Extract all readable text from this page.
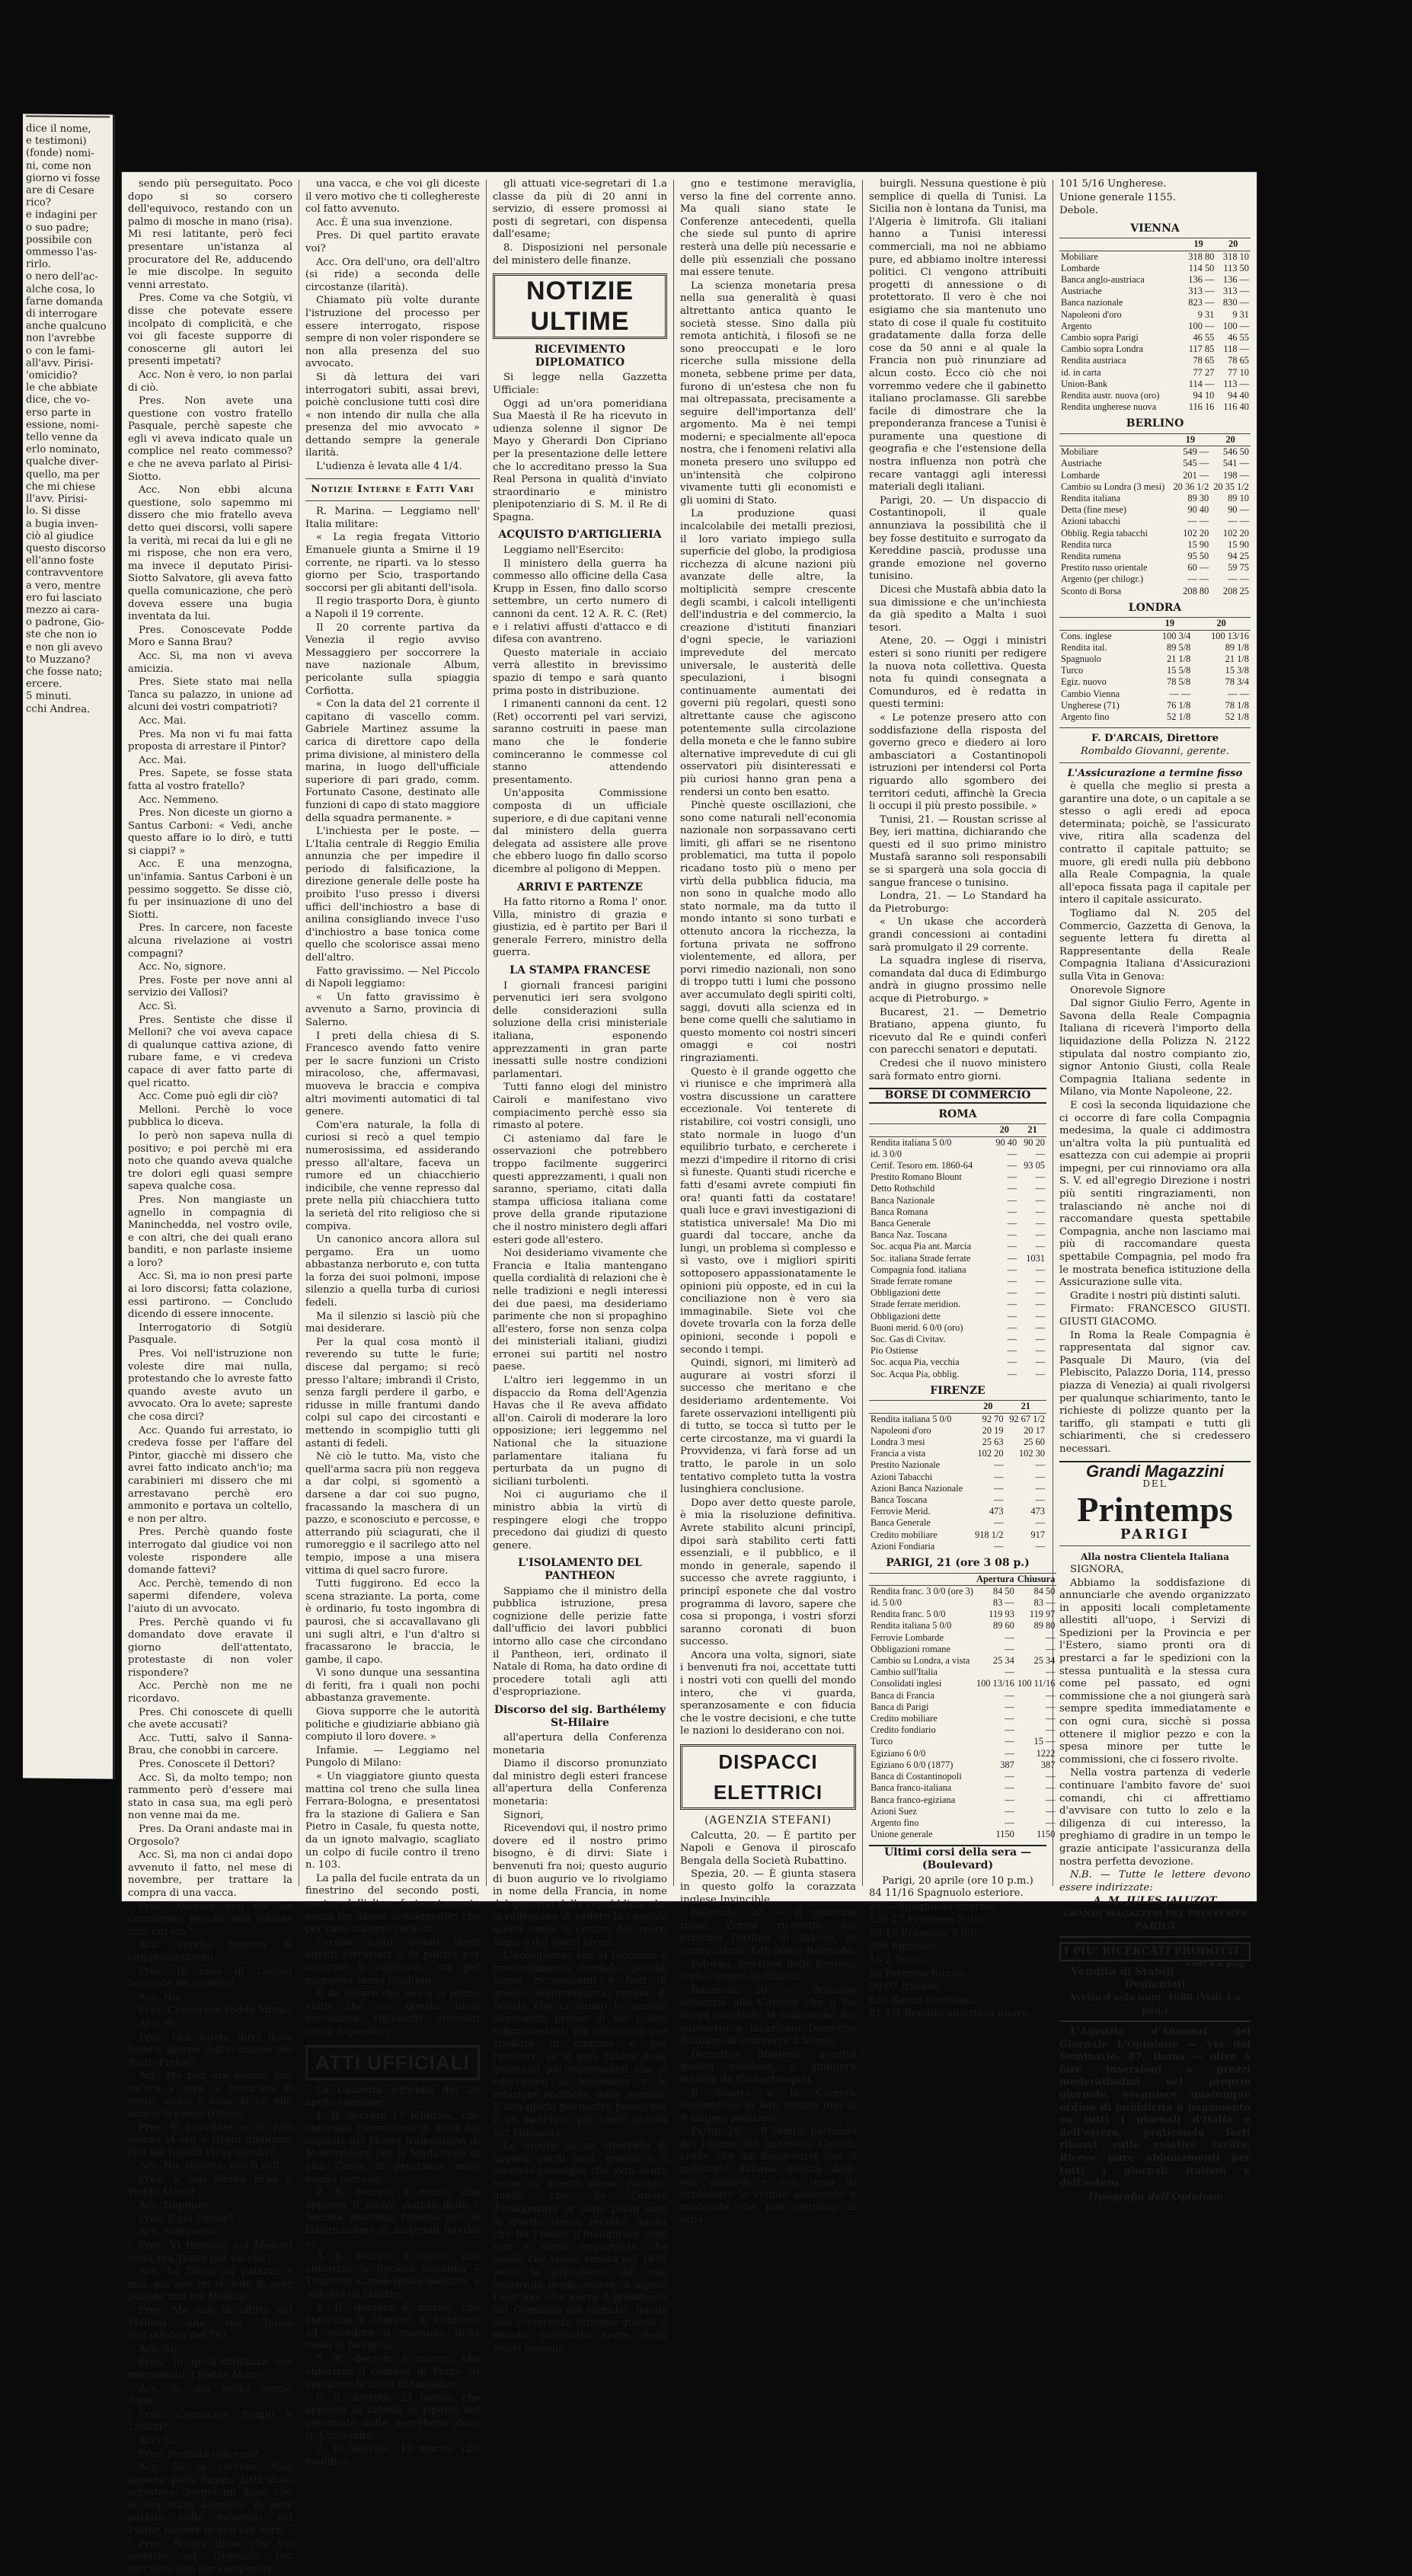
dice il nome,

e testimoni)

(fonde) nomi-

ni, come non

giorno vi fosse

are di Cesare

rico?

e indagini per

o suo padre;

possibile con

ommesso l'as-

rirlo.

o nero dell'ac-

alche cosa, lo

farne domanda

di interrogare

anche qualcuno

non l'avrebbe

o con le fami-

all'avv. Pirisi-

'omicidio?

le che abbiate

dice, che vo-

erso parte in

essione, nomi-

tello venne da

erlo nominato,

qualche diver-

quello, ma per

che mi chiese

ll'avv. Pirisi-

lo. Si disse

a bugia inven-

ciò al giudice

questo discorso

ell'anno foste

contravventore

a vero, mentre

ero fui lasciato

mezzo ai cara-

o padrone, Gio-

ste che non io

e non gli avevo

to Muzzano?

che fosse nato;

ercere.

5 minuti.

cchi Andrea.

sendo più perseguitato. Poco dopo si so corsero dell'equivoco, restando con un palmo di mosche in mano (risa). Mi resi latitante, però feci presentare un'istanza al procuratore del Re, adducendo le mie discolpe. In seguito venni arrestato.

Pres. Come va che Sotgiù, vi disse che potevate essere incolpato di complicità, e che voi gli faceste supporre di conoscerne gli autori lei presenti impetati?

Acc. Non è vero, io non parlai di ciò.

Pres. Non avete una questione con vostro fratello Pasquale, perchè sapeste che egli vi aveva indicato quale un complice nel reato commesso? e che ne aveva parlato al Pirisi-Siotto.

Acc. Non ebbi alcuna questione, solo sapemmo mi dissero che mio fratello aveva detto quei discorsi, volli sapere la verità, mi recai da lui e gli ne mi rispose, che non era vero, ma invece il deputato Pirisi-Siotto Salvatore, gli aveva fatto quella comunicazione, che però doveva essere una bugia inventata da lui.

Pres. Conoscevate Podde Moro e Sanna Brau?

Acc. Sì, ma non vi aveva amicizia.

Pres. Siete stato mai nella Tanca su palazzo, in unione ad alcuni dei vostri compatrioti?

Acc. Mai.

Pres. Ma non vi fu mai fatta proposta di arrestare il Pintor?

Acc. Mai.

Pres. Sapete, se fosse stata fatta al vostro fratello?

Acc. Nemmeno.

Pres. Non diceste un giorno a Santus Carboni: « Vedi, anche questo affare io lo dirò, e tutti si ciappi? »

Acc. E una menzogna, un'infamia. Santus Carboni è un pessimo soggetto. Se disse ciò, fu per insinuazione di uno del Siotti.

Pres. In carcere, non faceste alcuna rivelazione ai vostri compagni?

Acc. No, signore.

Pres. Foste per nove anni al servizio dei Vallosi?

Acc. Sì.

Pres. Sentiste che disse il Melloni? che voi aveva capace di qualunque cattiva azione, di rubare fame, e vi credeva capace di aver fatto parte di quel ricatto.

Acc. Come può egli dir ciò?

Melloni. Perchè lo voce pubblica lo diceva.

Io però non sapeva nulla di positivo; e poi perchè mi era noto che quando aveva qualche tre dolori egli quasi sempre sapeva qualche cosa.

Pres. Non mangiaste un agnello in compagnia di Maninchedda, nel vostro ovile, e con altri, che dei quali erano banditi, e non parlaste insieme a loro?

Acc. Sì, ma io non presi parte ai loro discorsi; fatta colazione, essi partirono. — Concludo dicendo di essere innocente.

Interrogatorio di Sotgiù Pasquale.

Pres. Voi nell'istruzione non voleste dire mai nulla, protestando che lo avreste fatto quando aveste avuto un avvocato. Ora lo avete; sapreste che cosa dirci?

Acc. Quando fui arrestato, io credeva fosse per l'affare del Pintor, giacchè mi dissero che avrei fatto indicato anch'io; ma carabinieri mi dissero che mi arrestavano perchè ero ammonito e portava un coltello, e non per altro.

Pres. Perchè quando foste interrogato dal giudice voi non voleste rispondere alle domande fattevi?

Acc. Perchè, temendo di non sapermi difendere, voleva l'aiuto di un avvocato.

Pres. Perchè quando vi fu domandato dove eravate il giorno dell'attentato, protestaste di non voler rispondere?

Acc. Perchè non me ne ricordavo.

Pres. Chi conoscete di quelli che avete accusati?

Acc. Tutti, salvo il Sanna-Brau, che conobbi in carcere.

Pres. Conoscete il Dettori?

Acc. Sì, da molto tempo; non rammento però d'essere mai stato in casa sua, ma egli però non venne mai da me.

Pres. Da Orani andaste mai in Orgosolo?

Acc. Sì, ma non ci andai dopo avvenuto il fatto, nel mese di novembre, per trattare la compra di una vacca.

Pres. Avevate con voi un compagno; perchè non voleste dire chi era?

Acc. Perchè temevo di compromettermi.

Pres. In casa di Cadoni lasciaste un coltello?

Acc. No.

Pres. Conoscete Podde Moro?

Acc. Sì.

Pres. Ora volete dirci dove foste il giorno dell'uccisione del Siotti-Pintor?

Acc. Ma non era venuto che un'ora a sera, a mezz'ora di notte, andai a casa di un mio amico in paese (Orani).

Pres. Vi ricordate se in quel giorno vi era a Orani qualcuno che dei fratelli Piras Secchi?

Acc. No, signore, non li vidi.

Pres. E con Sanna Brau e Podde Moro?

Acc. Neppure.

Pres. E coi Pintor?

Acc. Nemmeno.

Pres. Vi trovaste col Melloni nella sua Tanca per vacche?

Acc. La Tanca su palazzo è mia, ma non mi ricordo di aver parlato mai col Melloni.

Pres. Ma non in affitto del Melloni una sua Tanca nell'ottobre del 76?

Acc. Sì.

Pres. In quell'affittanza era interessato il Podde Moro?

Acc. Sì, ma molto tempo dopo.

Pres. Conoscete Sotgiù e Luconi?

Acc. Sì.

Pres. Parlaste con essi?

Acc. Sì, in carcere. Non appena però furono fatti stato arrestate. Sotgiù mi disse che lo era stato accusato di aver parlato colle relazioni del Pintor, mentre io non era vero.

Pres. Sotgiù disse che voi andaste ad Orgosolo per tutt'altro che per comperare

una vacca, e che voi gli diceste il vero motivo che ti colleghereste col fatto avvenuto.

Acc. È una sua invenzione.

Pres. Di quel partito eravate voi?

Acc. Ora dell'uno, ora dell'altro (si ride) a seconda delle circostanze (ilarità).

Chiamato più volte durante l'istruzione del processo per essere interrogato, rispose sempre di non voler rispondere se non alla presenza del suo avvocato.

Si dà lettura dei vari interrogatori subiti, assai brevi, poichè conclusione tutti così dire « non intendo dir nulla che alla presenza del mio avvocato » dettando sempre la generale ilarità.

L'udienza è levata alle 4 1/4.

Notizie Interne e Fatti Vari

R. Marina. — Leggiamo nell' Italia militare:

« La regia fregata Vittorio Emanuele giunta a Smirne il 19 corrente, ne riparti. va lo stesso giorno per Scio, trasportando soccorsi per gli abitanti dell'isola.

Il regio trasporto Dora, è giunto a Napoli il 19 corrente.

Il 20 corrente partiva da Venezia il regio avviso Messaggiero per soccorrere la nave nazionale Album, pericolante sulla spiaggia Corfiotta.

« Con la data del 21 corrente il capitano di vascello comm. Gabriele Martinez assume la carica di direttore capo della prima divisione, al ministero della marina, in luogo dell'ufficiale superiore di pari grado, comm. Fortunato Casone, destinato alle funzioni di capo di stato maggiore della squadra permanente. »

L'inchiesta per le poste. — L'Italia centrale di Reggio Emilia annunzia che per impedire il periodo di falsificazione, la direzione generale delle poste ha proibito l'uso presso i diversi uffici dell'inchiostro a base di anilina consigliando invece l'uso d'inchiostro a base tonica come quello che scolorisce assai meno dell'altro.

Fatto gravissimo. — Nel Piccolo di Napoli leggiamo:

« Un fatto gravissimo è avvenuto a Sarno, provincia di Salerno.

I preti della chiesa di S. Francesco avendo fatto venire per le sacre funzioni un Cristo miracoloso, che, affermavasi, muoveva le braccia e compiva altri movimenti automatici di tal genere.

Com'era naturale, la folla di curiosi si recò a quel tempio numerosissima, ed assiderando presso all'altare, faceva un rumore ed un chiacchierio indicibile, che venne represso dal prete nella più chiacchiera tutto la serietà del rito religioso che si compiva.

Un canonico ancora allora sul pergamo. Era un uomo abbastanza nerboruto e, con tutta la forza dei suoi polmoni, impose silenzio a quella turba di curiosi fedeli.

Ma il silenzio si lasciò più che mai desiderare.

Per la qual cosa montò il reverendo su tutte le furie; discese dal pergamo; si recò presso l'altare; imbrandì il Cristo, senza fargli perdere il garbo, e ridusse in mille frantumi dando colpi sul capo dei circostanti e mettendo in scompiglio tutti gli astanti di fedeli.

Nè ciò le tutto. Ma, visto che quell'arma sacra più non reggeva a dar colpi, si sgomentò a darsene a dar coi suo pugno, fracassando la maschera di un pazzo, e sconosciuto e percosse, e atterrando più sciagurati, che il rumoreggio e il sacrilego atto nel tempio, impose a una misera vittima di quel sacro furore.

Tutti fuggirono. Ed ecco la scena straziante. La porta, come è ordinario, fu tosto ingombra di paurosi, che si accavallavano gli uni sugli altri, e l'un d'altro si fracassarono le braccia, le gambe, il capo.

Vi sono dunque una sessantina di feriti, fra i quali non pochi abbastanza gravemente.

Giova supporre che le autorità politiche e giudiziarie abbiano già compiuto il loro dovere. »

Infamie. — Leggiamo nel Pungolo di Milano:

« Un viaggiatore giunto questa mattina col treno che sulla linea Ferrara-Bologna, e presentatosi fra la stazione di Galiera e San Pietro in Casale, fu questa notte, da un ignoto malvagio, scagliato un colpo di fucile contro il treno n. 103.

La palla del fucile entrata da un finestrino del secondo posti, contro dall'altro, fortunatamente senza far danno ai viaggiatori che per caso stavano coricati.

Furono tosto inviati degli agenti ferroviari e di polizia per scoprire il colpevole, ma pel momento senza risultato.

È da notare che non è la prima volta che su questa linea succedono vigliacchi attentati simili a questo. »

ATTI UFFICIALI

La Gazzetta Ufficiale del 20 aprile contiene:

1. R. decreto 17 febbraio, che autorizza l'inversione di metà del capitale del Monte frumentario di Montevidavu per la fondazione di una Cassa di prestanze nello stesso comune;

2. R. decreto 3 marzo, che approva il nuovo statuto della « Società anonima romana per la fabbricazione di materiali laterizi »;

3. R. decreto 3 marzo, che autorizza la Società anonima « Tramway Cuneo-Busca-Saluzzo, » sedente in Saluzzo;

4. R. decreto 6 marzo, che autorizza il comune di Cantiano ad eccedere il massimo della tassa di famiglia;

5. R. decreto 6 marzo, che autorizza il comune di Ferzo ad applicare la tassa di famiglia;

6. R. decreto, 24 marzo, che approva la tabella di riparto del personale delle segreterie delle R. Università;

7. R. decreto, 13 marzo, che modifica

gli attuati vice-segretari di 1.a classe da più di 20 anni in servizio, di essere promossi ai posti di segretari, con dispensa dall'esame;

8. Disposizioni nel personale del ministero delle finanze.

NOTIZIE ULTIME
RICEVIMENTO DIPLOMATICO

Si legge nella Gazzetta Ufficiale:

Oggi ad un'ora pomeridiana Sua Maestà il Re ha ricevuto in udienza solenne il signor De Mayo y Gherardi Don Cipriano per la presentazione delle lettere che lo accreditano presso la Sua Real Persona in qualità d'inviato straordinario e ministro plenipotenziario di S. M. il Re di Spagna.

ACQUISTO D'ARTIGLIERIA

Leggiamo nell'Esercito:

Il ministero della guerra ha commesso allo officine della Casa Krupp in Essen, fino dallo scorso settembre, un certo numero di cannoni da cent. 12 A. R. C. (Ret) e i relativi affusti d'attacco e di difesa con avantreno.

Questo materiale in acciaio verrà allestito in brevissimo spazio di tempo e sarà quanto prima posto in distribuzione.

I rimanenti cannoni da cent. 12 (Ret) occorrenti pel vari servizi, saranno costruiti in paese man mano che le fonderie cominceranno le commesse col stanno attendendo presentamento.

Un'apposita Commissione composta di un ufficiale superiore, e di due capitani venne dal ministero della guerra delegata ad assistere alle prove che ebbero luogo fin dallo scorso dicembre al poligono di Meppen.

ARRIVI E PARTENZE

Ha fatto ritorno a Roma l' onor. Villa, ministro di grazia e giustizia, ed è partito per Bari il generale Ferrero, ministro della guerra.

LA STAMPA FRANCESE

I giornali francesi parigini pervenutici ieri sera svolgono delle considerazioni sulla soluzione della crisi ministeriale italiana, esponendo apprezzamenti in gran parte inessatti sulle nostre condizioni parlamentari.

Tutti fanno elogi del ministro Cairoli e manifestano vivo compiacimento perchè esso sia rimasto al potere.

Ci asteniamo dal fare le osservazioni che potrebbero troppo facilmente suggerirci questi apprezzamenti, i quali non saranno, speriamo, citati dalla stampa ufficiosa italiana come prove della grande riputazione che il nostro ministero degli affari esteri gode all'estero.

Noi desideriamo vivamente che Francia e Italia mantengano quella cordialità di relazioni che è nelle tradizioni e negli interessi dei due paesi, ma desideriamo parimente che non si propaghino all'estero, forse non senza colpa dei ministeriali italiani, giudizi erronei sui partiti nel nostro paese.

L'altro ieri leggemmo in un dispaccio da Roma dell'Agenzia Havas che il Re aveva affidato all'on. Cairoli di moderare la loro opposizione; ieri leggemmo nel National che la situazione parlamentare italiana fu perturbata da un pugno di siciliani turbolenti.

Noi ci auguriamo che il ministro abbia la virtù di respingere elogi che troppo precedono dai giudizi di questo genere.

L'ISOLAMENTO DEL PANTHEON

Sappiamo che il ministro della pubblica istruzione, presa cognizione delle perizie fatte dall'ufficio dei lavori pubblici intorno allo case che circondano il Pantheon, ieri, ordinato il Natale di Roma, ha dato ordine di procedere totali agli atti d'espropriazione.

Discorso del sig. Barthélemy St-Hilaire

all'apertura della Conferenza monetaria

Diamo il discorso pronunziato dal ministro degli esteri francese all'apertura della Conferenza monetaria:

Signori,

Ricevendovi qui, il nostro primo dovere ed il nostro primo bisogno, è di dirvi: Siate i benvenuti fra noi; questo augurio di buon augurio ve lo rivolgiamo in nome della Francia, in nome del governo della repubblica, che si rallegrano di vedere la capitale scelta come il centro dei vostri saggi e dei vostri lavori.

L'accoglienza che vi facciamo è profondamente cordiale, perchè siamo riconoscenti e fieri di questo testimonianza rivolta di fiducia che ci danno le nazioni deputando presso di noi i loro rappresentanti più autorevoli per studiare in comune e per risolvere, se si può, talune delle questioni più interessanti che si riferiscono al benessere e le relazioni pacifiche delle nazioni. E una gloria pel nostro paese; ma è un beneficio più reale ancora per l'umanità.

Lo sapete: in un intervallo di appena pochi anni, questo è il secondo convegno che avrà avuto luogo in questo stesso recinto; quella che ho l'onore d'inaugurare or sono pochi anni in questo stesso recinto; quella che ho l'onore d'inaugurare oggi non è meno importante che quella che venne tenuta nel 1878 sotto la presidenza del mio onorevole predecessore, il signor Léon Say, che aveva il presidente del Consiglio dei ministri; quelle due conferenze provano quanto il mondo civilizzato sente degli stessi bisogni.

gno e testimone meraviglia, verso la fine del corrente anno. Ma quali siano state le Conferenze antecedenti, quella che siede sul punto di aprire resterà una delle più necessarie e delle più essenziali che possano mai essere tenute.

La scienza monetaria presa nella sua generalità è quasi altrettanto antica quanto le società stesse. Sino dalla più remota antichità, i filosofi se ne sono preoccupati e le loro ricerche sulla missione della moneta, sebbene prime per data, furono di un'estesa che non fu mai oltrepassata, precisamente a seguire dell'importanza dell' argomento. Ma è nei tempi moderni; e specialmente all'epoca nostra, che i fenomeni relativi alla moneta presero uno sviluppo ed un'intensità che colpirono vivamente tutti gli economisti e gli uomini di Stato.

La produzione quasi incalcolabile dei metalli preziosi, il loro variato impiego sulla superficie del globo, la prodigiosa ricchezza di alcune nazioni più avanzate delle altre, la moltiplicità sempre crescente degli scambi, i calcoli intelligenti dell'industria e del commercio, la creazione d'istituti finanziari d'ogni specie, le variazioni imprevedute del mercato universale, le austerità delle speculazioni, i bisogni continuamente aumentati dei governi più regolari, questi sono altrettante cause che agiscono potentemente sulla circolazione della moneta e che le fanno subire alternative imprevedute di cui gli osservatori più disinteressati e più curiosi hanno gran pena a rendersi un conto ben esatto.

Pinchè queste oscillazioni, che sono come naturali nell'economia nazionale non sorpassavano certi limiti, gli affari se ne risentono problematici, ma tutta il popolo ricadano tosto più o meno per virtù della pubblica fiducia, ma non sono in qualche modo allo stato normale, ma da tutto il mondo intanto si sono turbati e ottenuto ancora la ricchezza, la fortuna privata ne soffrono violentemente, ed allora, per porvi rimedio nazionali, non sono di troppo tutti i lumi che possono aver accumulato degli spiriti colti, saggi, dovuti alla scienza ed in bene come quelli che salutiamo in questo momento coi nostri sinceri omaggi e coi nostri ringraziamenti.

Questo è il grande oggetto che vi riunisce e che imprimerà alla vostra discussione un carattere eccezionale. Voi tenterete di ristabilire, coi vostri consigli, uno stato normale in luogo d'un equilibrio turbato, e cercherete i mezzi d'impedire il ritorno di crisi sì funeste. Quanti studi ricerche e fatti d'esami avrete compiuti fin ora! quanti fatti da costatare! quali luce e gravi investigazioni di statistica universale! Ma Dio mi guardi dal toccare, anche da lungi, un problema sì complesso e sì vasto, ove i migliori spiriti sottoposero appassionatamente le opinioni più opposte, ed in cui la conciliazione non è vero sia immaginabile. Siete voi che dovete trovarla con la forza delle opinioni, seconde i popoli e secondo i tempi.

Quindi, signori, mi limiterò ad augurare ai vostri sforzi il successo che meritano e che desideriamo ardentemente. Voi farete osservazioni intelligenti più di tutto, se tocca sì tutto per le certe circostanze, ma vi guardi la Provvidenza, vi farà forse ad un tratto, le parole in un solo tentativo completo tutta la vostra lusinghiera conclusione.

Dopo aver detto queste parole, è mia la risoluzione definitiva. Avrete stabilito alcuni principî, dipoi sarà stabilito certi fatti essenziali, e il pubblico, e il mondo in generale, sapendo il successo che avrete raggiunto, i principî esponete che dal vostro programma di lavoro, sapere che cosa si proponga, i vostri sforzi saranno coronati di buon successo.

Ancora una volta, signori, siate i benvenuti fra noi, accettate tutti i nostri voti con quelli del mondo intero, che vi guarda, speranzosamente e con fiducia che le vostre decisioni, e che tutte le nazioni lo desiderano con noi.

DISPACCI ELETTRICI
(AGENZIA STEFANI)

Calcutta, 20. — È partito per Napoli e Genova il piroscafo Bengala della Società Rubattino.

Spezia, 20. — È giunta stasera in questo golfo la corazzata inglese Invincible.

Belgrado, 20. — Il generale russo Zurow ricevette dal principe l'ordine di Takovo, di prima classe. Egli lasciò Belgrado.

Poliwka, direttore delle ferrovie serbe, venne destituito.

Bucarest, 20. — Bratiano annunziò alle Camere che il Re aveva accettato la dimissione del gabinetto e incaricato Demetrio Bratiano di comporre il nuovo.

Demetrio Bratiano accettò questa missione, e giungerà stasera da Costantinopoli.

Il Senato e la Camera sospendono le loro sedute fino al 9 maggio prossimo.

Parigi, 20. — Il Temps, parlando del ritorno del gabinetto Cairoli, crede che da desiderarsi che il gabinetto italiano desista dalle sue opinioni e non tema di professare le vedute assennate e moderate che non esitiamo di attri-

buirgli. Nessuna questione è più semplice di quella di Tunisi. La Sicilia non è lontana da Tunisi, ma l'Algeria è limitrofa. Gli italiani hanno a Tunisi interessi commerciali, ma noi ne abbiamo pure, ed abbiamo inoltre interessi politici. Ci vengono attribuiti progetti di annessione o di protettorato. Il vero è che noi esigiamo che sia mantenuto uno stato di cose il quale fu costituito gradatamente dalla forza delle cose da 50 anni e al quale la Francia non può rinunziare ad alcun costo. Ecco ciò che noi vorremmo vedere che il gabinetto italiano proclamasse. Gli sarebbe facile di dimostrare che la preponderanza francese a Tunisi è puramente una questione di geografia e che l'estensione della nostra influenza non potrà che recare vantaggi agli interessi materiali degli italiani.

Parigi, 20. — Un dispaccio di Costantinopoli, il quale annunziava la possibilità che il bey fosse destituito e surrogato da Kereddine pascià, produsse una grande emozione nel governo tunisino.

Dicesi che Mustafà abbia dato la sua dimissione e che un'inchiesta da già spedito a Malta i suoi tesori.

Atene, 20. — Oggi i ministri esteri si sono riuniti per redigere la nuova nota collettiva. Questa nota fu quindi consegnata a Comunduros, ed è redatta in questi termini:

« Le potenze presero atto con soddisfazione della risposta del governo greco e diedero ai loro ambasciatori a Costantinopoli istruzioni per intendersi col Porta riguardo allo sgombero dei territori ceduti, affinchè la Grecia li occupi il più presto possibile. »

Tunisi, 21. — Roustan scrisse al Bey, ieri mattina, dichiarando che questi ed il suo primo ministro Mustafà saranno soli responsabili se si spargerà una sola goccia di sangue francese o tunisino.

Londra, 21. — Lo Standard ha da Pietroburgo:

« Un ukase che accorderà grandi concessioni ai contadini sarà promulgato il 29 corrente.

La squadra inglese di riserva, comandata dal duca di Edimburgo andrà in giugno prossimo nelle acque di Pietroburgo. »

Bucarest, 21. — Demetrio Bratiano, appena giunto, fu ricevuto dal Re e quindi conferì con parecchi senatori e deputati.

Credesi che il nuovo ministero sarà formato entro giorni.

BORSE DI COMMERCIO
ROMA
	20	21
Rendita italiana 5 0/0	90 40	90 20
id. 3 0/0	—	—
Certif. Tesoro em. 1860-64	—	93 05
Prestito Romano Blount	—	—
Detto Rothschild	—	—
Banca Nazionale	—	—
Banca Romana	—	—
Banca Generale	—	—
Banca Naz. Toscana	—	—
Soc. acqua Pia ant. Marcia	—	—
Soc. italiana Strade ferrate	—	1031
Compagnia fond. italiana	—	—
Strade ferrate romane	—	—
Obbligazioni dette	—	—
Strade ferrate meridion.	—	—
Obbligazioni dette	—	—
Buoni merid. 6 0/0 (oro)	—	—
Soc. Gas di Civitav.	—	—
Pio Ostiense	—	—
Soc. acqua Pia, vecchia	—	—
Soc. Acqua Pia, obblig.	—	—
FIRENZE
	20	21
Rendita italiana 5 0/0	92 70	92 67 1/2
Napoleoni d'oro	20 19	20 17
Londra 3 mesi	25 63	25 60
Francia a vista	102 20	102 30
Prestito Nazionale	—	—
Azioni Tabacchi	—	—
Azioni Banca Nazionale	—	—
Banca Toscana	—	—
Ferrovie Merid.	473	473
Banca Generale	—	—
Credito mobiliare	918 1/2	917
Azioni Fondiaria	—	—
PARIGI, 21 (ore 3 08 p.)
	Apertura	Chiusura
Rendita franc. 3 0/0 (ore 3)	84 50	84 50
id. 5 0/0	83 —	83 —
Rendita franc. 5 0/0	119 93	119 97
Rendita italiana 5 0/0	89 60	89 80
Ferrovie Lombarde	—	—
Obbligazioni romane	—	—
Cambio su Londra, a vista	25 34	25 34
Cambio sull'Italia	—	—
Consolidati inglesi	100 13/16	100 11/16
Banca di Francia	—	—
Banca di Parigi	—	—
Credito mobiliare	—	—
Credito fondiario	—	—
Turco	—	15 —
Egiziano 6 0/0	—	1222
Egiziano 6 0/0 (1877)	387	387
Banca di Costantinopoli	—	—
Banca franco-italiana	—	—
Banca franco-egiziana	—	—
Azioni Suez	—	—
Argento fino	—	—
Unione generale	1150	1150
Ultimi corsi della sera — (Boulevard)
Parigi, 20 aprile (ore 10 p.m.)

84 11/16 Spagnuolo esteriore.

21 — Spagnuolo interno.

120 17 Francese 3 0/0.

89 17 Francese 5 0/0.

396 Egiziano.

15 2 Turco.

56 Ferrovie turche.

90 07 Italiano.

635 Banca ottomana.

81 1/4 Rendita austriaca nuova.

101 5/16 Ungherese.

Unione generale 1155.

Debole.

VIENNA
	19	20
Mobiliare	318 80	318 10
Lombarde	114 50	113 50
Banca anglo-austriaca	136 —	136 —
Austriache	313 —	313 —
Banca nazionale	823 —	830 —
Napoleoni d'oro	9 31	9 31
Argento	100 —	100 —
Cambio sopra Parigi	46 55	46 55
Cambio sopra Londra	117 85	118 —
Rendita austriaca	78 65	78 65
id. in carta	77 27	77 10
Union-Bank	114 —	113 —
Rendita austr. nuova (oro)	94 10	94 40
Rendita ungherese nuova	116 16	116 40
BERLINO
	19	20
Mobiliare	549 —	546 50
Austriache	545 —	541 —
Lombarde	201 —	198 —
Cambio su Londra (3 mesi)	20 36 1/2	20 35 1/2
Rendita italiana	89 30	89 10
Detta (fine mese)	90 40	90 —
Azioni tabacchi	— —	— —
Obblig. Regia tabacchi	102 20	102 20
Rendita turca	15 90	15 90
Rendita rumena	95 50	94 25
Prestito russo orientale	60 —	59 75
Argento (per chilogr.)	— —	— —
Sconto di Borsa	208 80	208 25
LONDRA
	19	20
Cons. inglese	100 3/4	100 13/16
Rendita ital.	89 5/8	89 1/8
Spagnuolo	21 1/8	21 1/8
Turco	15 5/8	15 3/8
Egiz. nuovo	78 5/8	78 3/4
Cambio Vienna	— —	— —
Ungherese (71)	76 1/8	78 1/8
Argento fino	52 1/8	52 1/8
F. D'ARCAIS, Direttore
Rombaldo Giovanni, gerente.
L'Assicurazione a termine fisso

è quella che meglio si presta a garantire una dote, o un capitale a se stesso o agli eredi ad epoca determinata; poichè, se l'assicurato vive, ritira alla scadenza del contratto il capitale pattuito; se muore, gli eredi nulla più debbono alla Reale Compagnia, la quale all'epoca fissata paga il capitale per intero il capitale assicurato.

Togliamo dal N. 205 del Commercio, Gazzetta di Genova, la seguente lettera fu diretta al Rappresentante della Reale Compagnia Italiana d'Assicurazioni sulla Vita in Genova:

Onorevole Signore

Dal signor Giulio Ferro, Agente in Savona della Reale Compagnia Italiana di riceverà l'importo della liquidazione della Polizza N. 2122 stipulata dal nostro compianto zio, signor Antonio Giusti, colla Reale Compagnia Italiana sedente in Milano, via Monte Napoleone, 22.

E così la seconda liquidazione che ci occorre di fare colla Compagnia medesima, la quale ci addimostra un'altra volta la più puntualità ed esattezza con cui adempie ai proprii impegni, per cui rinnoviamo ora alla S. V. ed all'egregio Direzione i nostri più sentiti ringraziamenti, non tralasciando nè anche noi di raccomandare questa spettabile Compagnia, anche non lasciamo mai più di raccomandare questa spettabile Compagnia, pel modo fra le mostrata benefica istituzione della Assicurazione sulle vita.

Gradite i nostri più distinti saluti.

Firmato: FRANCESCO GIUSTI. GIUSTI GIACOMO.

In Roma la Reale Compagnia è rappresentata dal signor cav. Pasquale Di Mauro, (via del Plebiscito, Palazzo Doria, 114, presso piazza di Venezia) ai quali rivolgersi per qualunque schiarimento, tanto le richieste di polizze quanto per la tariffo, gli stampati e tutti gli schiarimenti, che si credessero necessari.

Grandi Magazzini
DEL
Printemps
PARIGI
Alla nostra Clientela Italiana

SIGNORA,

Abbiamo la soddisfazione di annunciarle che avendo organizzato in appositi locali completamente allestiti all'uopo, i Servizi di Spedizioni per la Provincia e per l'Estero, siamo pronti ora di prestarci a far le spedizioni con la stessa puntualità e la stessa cura come pel passato, ed ogni commissione che a noi giungerà sarà sempre spedita immediatamente e con ogni cura, sicchè si possa ottenere il miglior pezzo e con la spesa minore per tutte le commissioni, che ci fossero rivolte.

Nella vostra partenza di vederle continuare l'ambito favore de' suoi comandi, chi ci affrettiamo d'avvisare con tutto lo zelo e la diligenza di cui interesso, la preghiamo di gradire in un tempo le grazie anticipate l'assicuranza della nostra perfetta devozione.

N.B. — Tutte le lettere devono essere indirizzate:

A. M. JULES JALUZOT
GRANDI MAGAZZINI DEL PRINTEMPS
PARIGI
I PIU' RICERCATI PRODOTTI
Vedi 4.a pag.
Vendita di Stabili Demaniali
Avviso d'asta num. 1688 (Vedi 4.a pag.)

L'Agenzia d'Annunzi del Giornale L'Opinione — Via del Seminario, 87, Roma — oltre a fare inserzioni a prezzi moderatissimi nel proprio giornale, eseguisce qualunque ordine di pubblicità a pagamento su tutti i giornali d'Italia e dell'estero, praticando forti ribassi sulle relative tariffe. Riceve pure abbonamenti per tutti i giornali italiani e dell'estero.

Tipografia dell'Opinione
